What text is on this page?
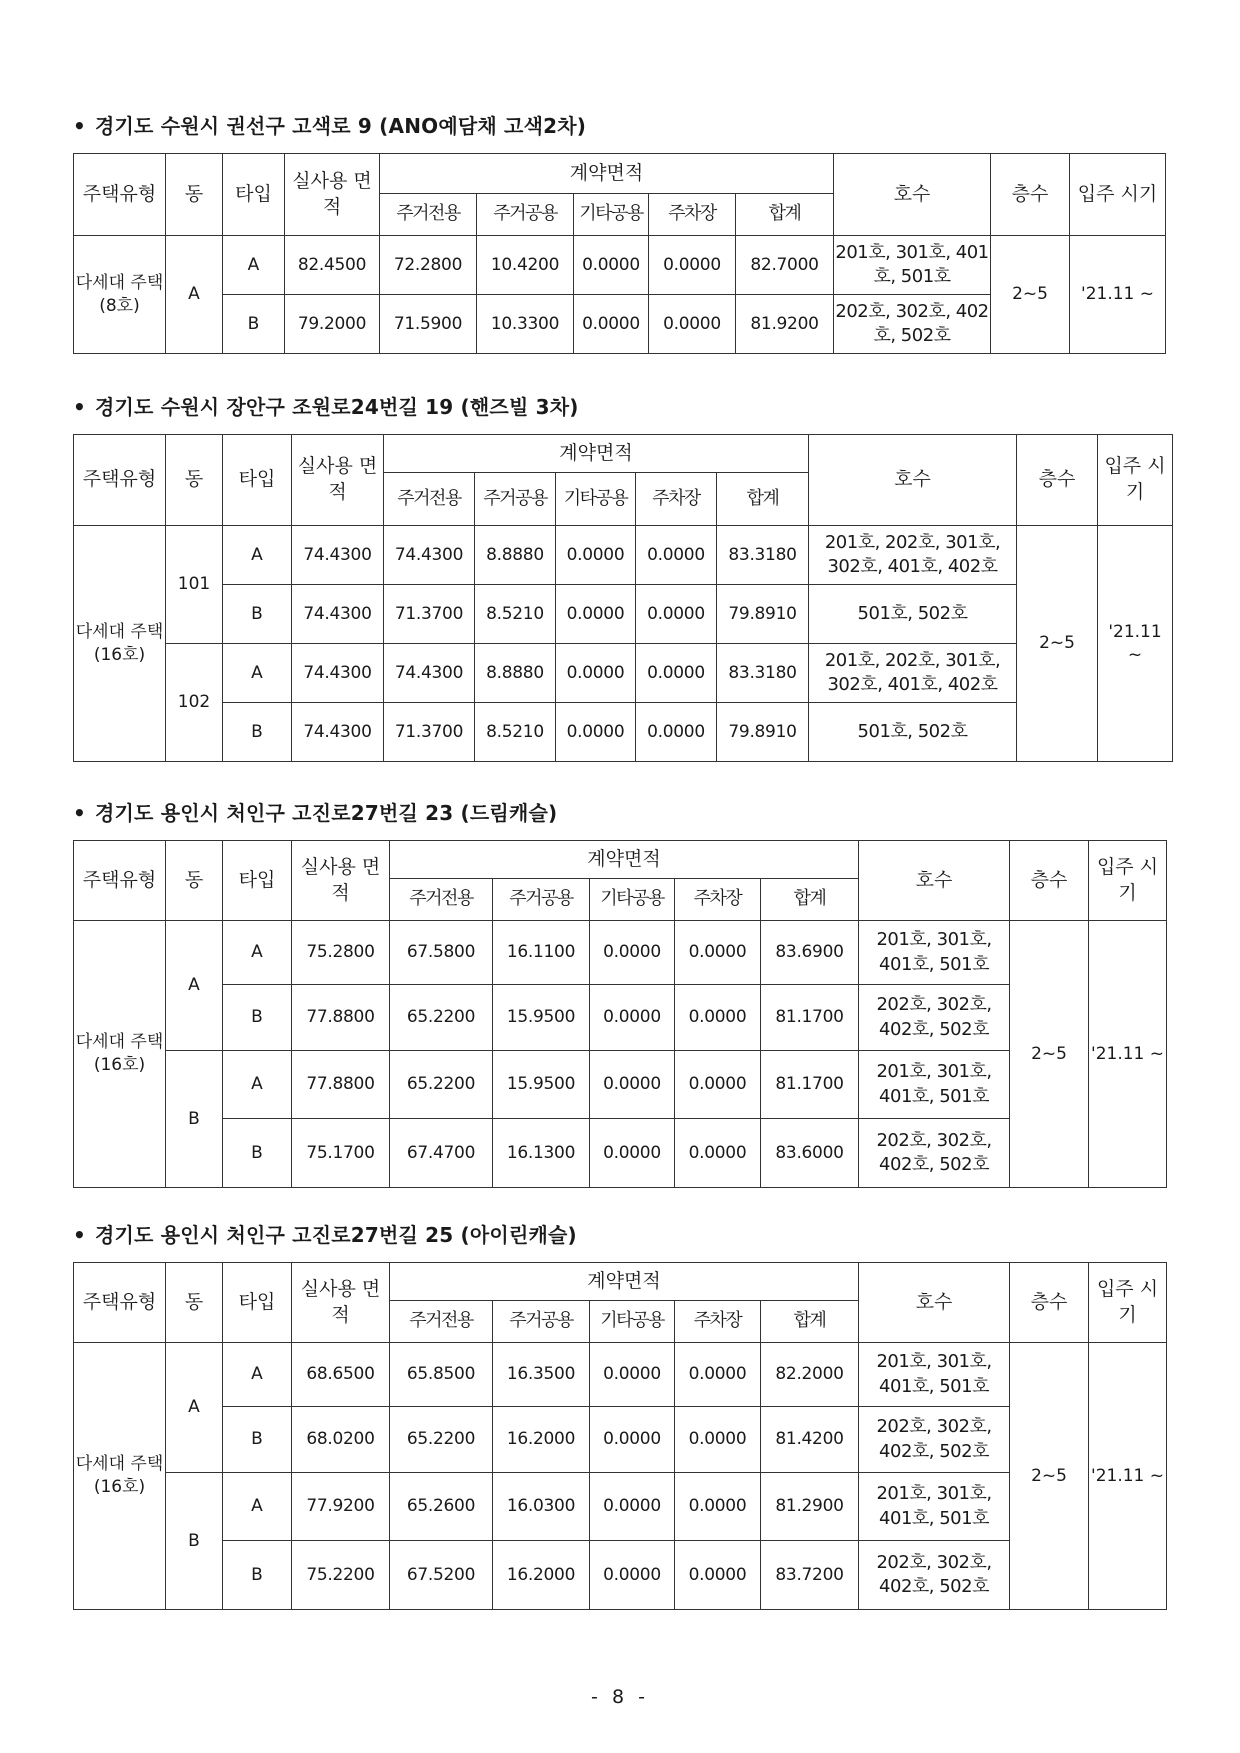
• 경기도 수원시 권선구 고색로 9 (ANO예담채 고색2차)
주택유형	동	타입	실사용 면적	계약면적					호수	층수	입주 시기
				주거전용	주거공용	기타공용	주차장	합계			
다세대 주택 (8호)	A	A	82.4500	72.2800	10.4200	0.0000	0.0000	82.7000	201호, 301호, 401호, 501호	2~5	'21.11 ~
		B	79.2000	71.5900	10.3300	0.0000	0.0000	81.9200	202호, 302호, 402호, 502호		
• 경기도 수원시 장안구 조원로24번길 19 (핸즈빌 3차)
주택유형	동	타입	실사용 면적	계약면적					호수	층수	입주 시기
				주거전용	주거공용	기타공용	주차장	합계			
다세대 주택 (16호)	101	A	74.4300	74.4300	8.8880	0.0000	0.0000	83.3180	201호, 202호, 301호, 302호, 401호, 402호	2~5	'21.11 ~
		B	74.4300	71.3700	8.5210	0.0000	0.0000	79.8910	501호, 502호		
	102	A	74.4300	74.4300	8.8880	0.0000	0.0000	83.3180	201호, 202호, 301호, 302호, 401호, 402호		
		B	74.4300	71.3700	8.5210	0.0000	0.0000	79.8910	501호, 502호		
• 경기도 용인시 처인구 고진로27번길 23 (드림캐슬)
주택유형	동	타입	실사용 면적	계약면적					호수	층수	입주 시기
				주거전용	주거공용	기타공용	주차장	합계			
다세대 주택 (16호)	A	A	75.2800	67.5800	16.1100	0.0000	0.0000	83.6900	201호, 301호, 401호, 501호	2~5	'21.11 ~
		B	77.8800	65.2200	15.9500	0.0000	0.0000	81.1700	202호, 302호, 402호, 502호		
	B	A	77.8800	65.2200	15.9500	0.0000	0.0000	81.1700	201호, 301호, 401호, 501호		
		B	75.1700	67.4700	16.1300	0.0000	0.0000	83.6000	202호, 302호, 402호, 502호		
• 경기도 용인시 처인구 고진로27번길 25 (아이린캐슬)
주택유형	동	타입	실사용 면적	계약면적					호수	층수	입주 시기
				주거전용	주거공용	기타공용	주차장	합계			
다세대 주택 (16호)	A	A	68.6500	65.8500	16.3500	0.0000	0.0000	82.2000	201호, 301호, 401호, 501호	2~5	'21.11 ~
		B	68.0200	65.2200	16.2000	0.0000	0.0000	81.4200	202호, 302호, 402호, 502호		
	B	A	77.9200	65.2600	16.0300	0.0000	0.0000	81.2900	201호, 301호, 401호, 501호		
		B	75.2200	67.5200	16.2000	0.0000	0.0000	83.7200	202호, 302호, 402호, 502호		
- 8 -
